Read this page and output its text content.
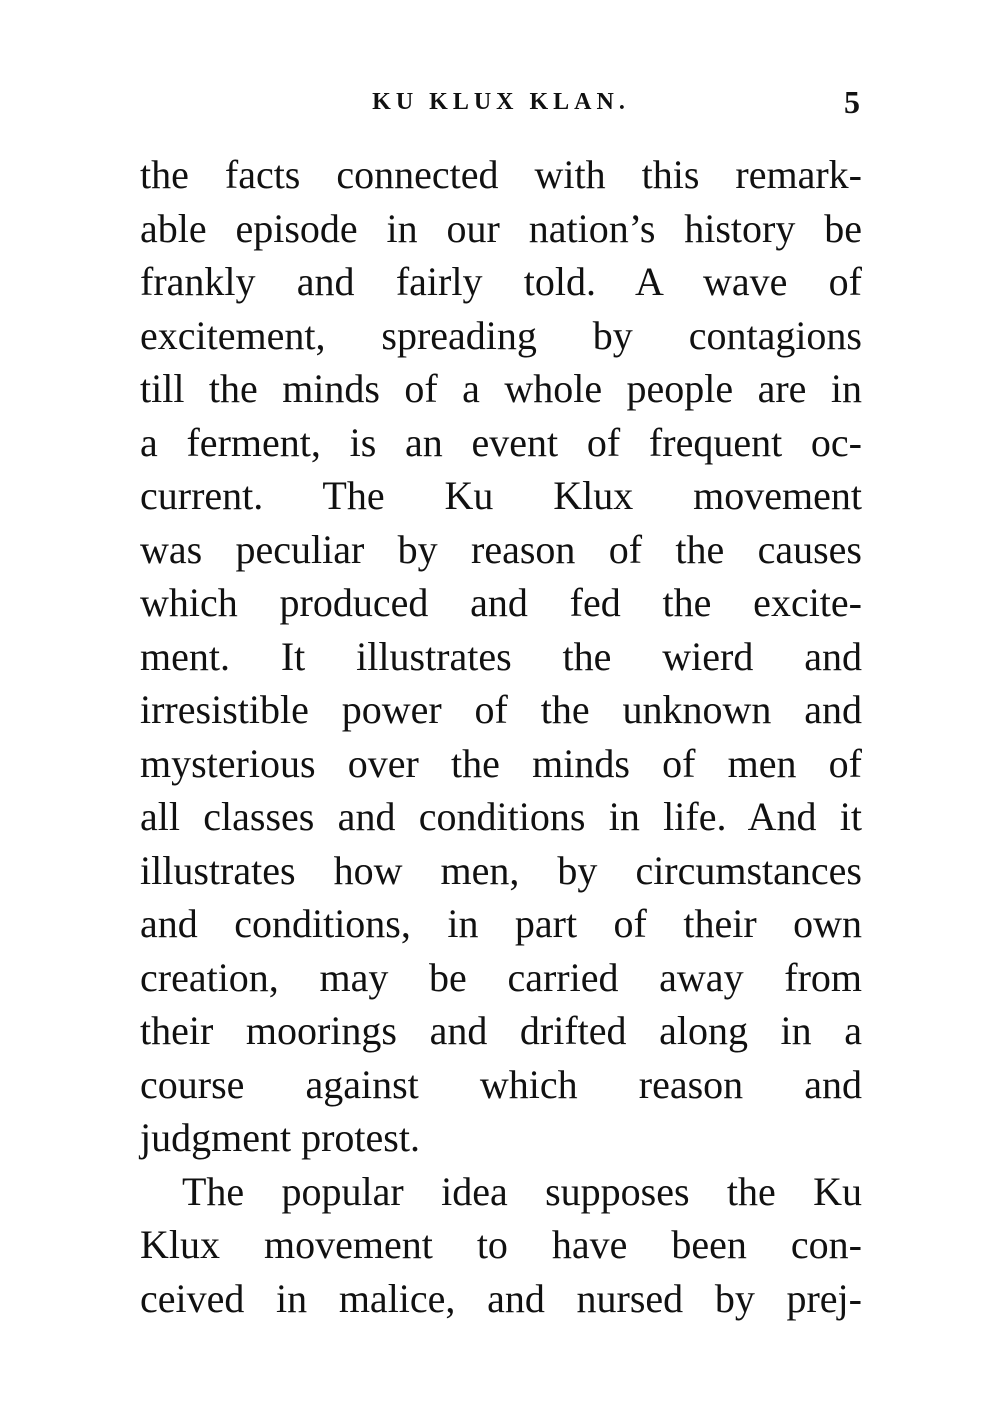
KU KLUX KLAN.	5
the facts connected with this remark-
able episode in our nation’s history be
frankly and fairly told. A wave of
excitement, spreading by contagions
till the minds of a whole people are in
a ferment, is an event of frequent oc-
current. The Ku Klux movement
was peculiar by reason of the causes
which produced and fed the excite-
ment. It illustrates the wierd and
irresistible power of the unknown and
mysterious over the minds of men of
all classes and conditions in life. And it
illustrates how men, by circumstances
and conditions, in part of their own
creation, may be carried away from
their moorings and drifted along in a
course against which reason and
judgment protest.
The popular idea supposes the Ku
Klux movement to have been con-
ceived in malice, and nursed by prej-
